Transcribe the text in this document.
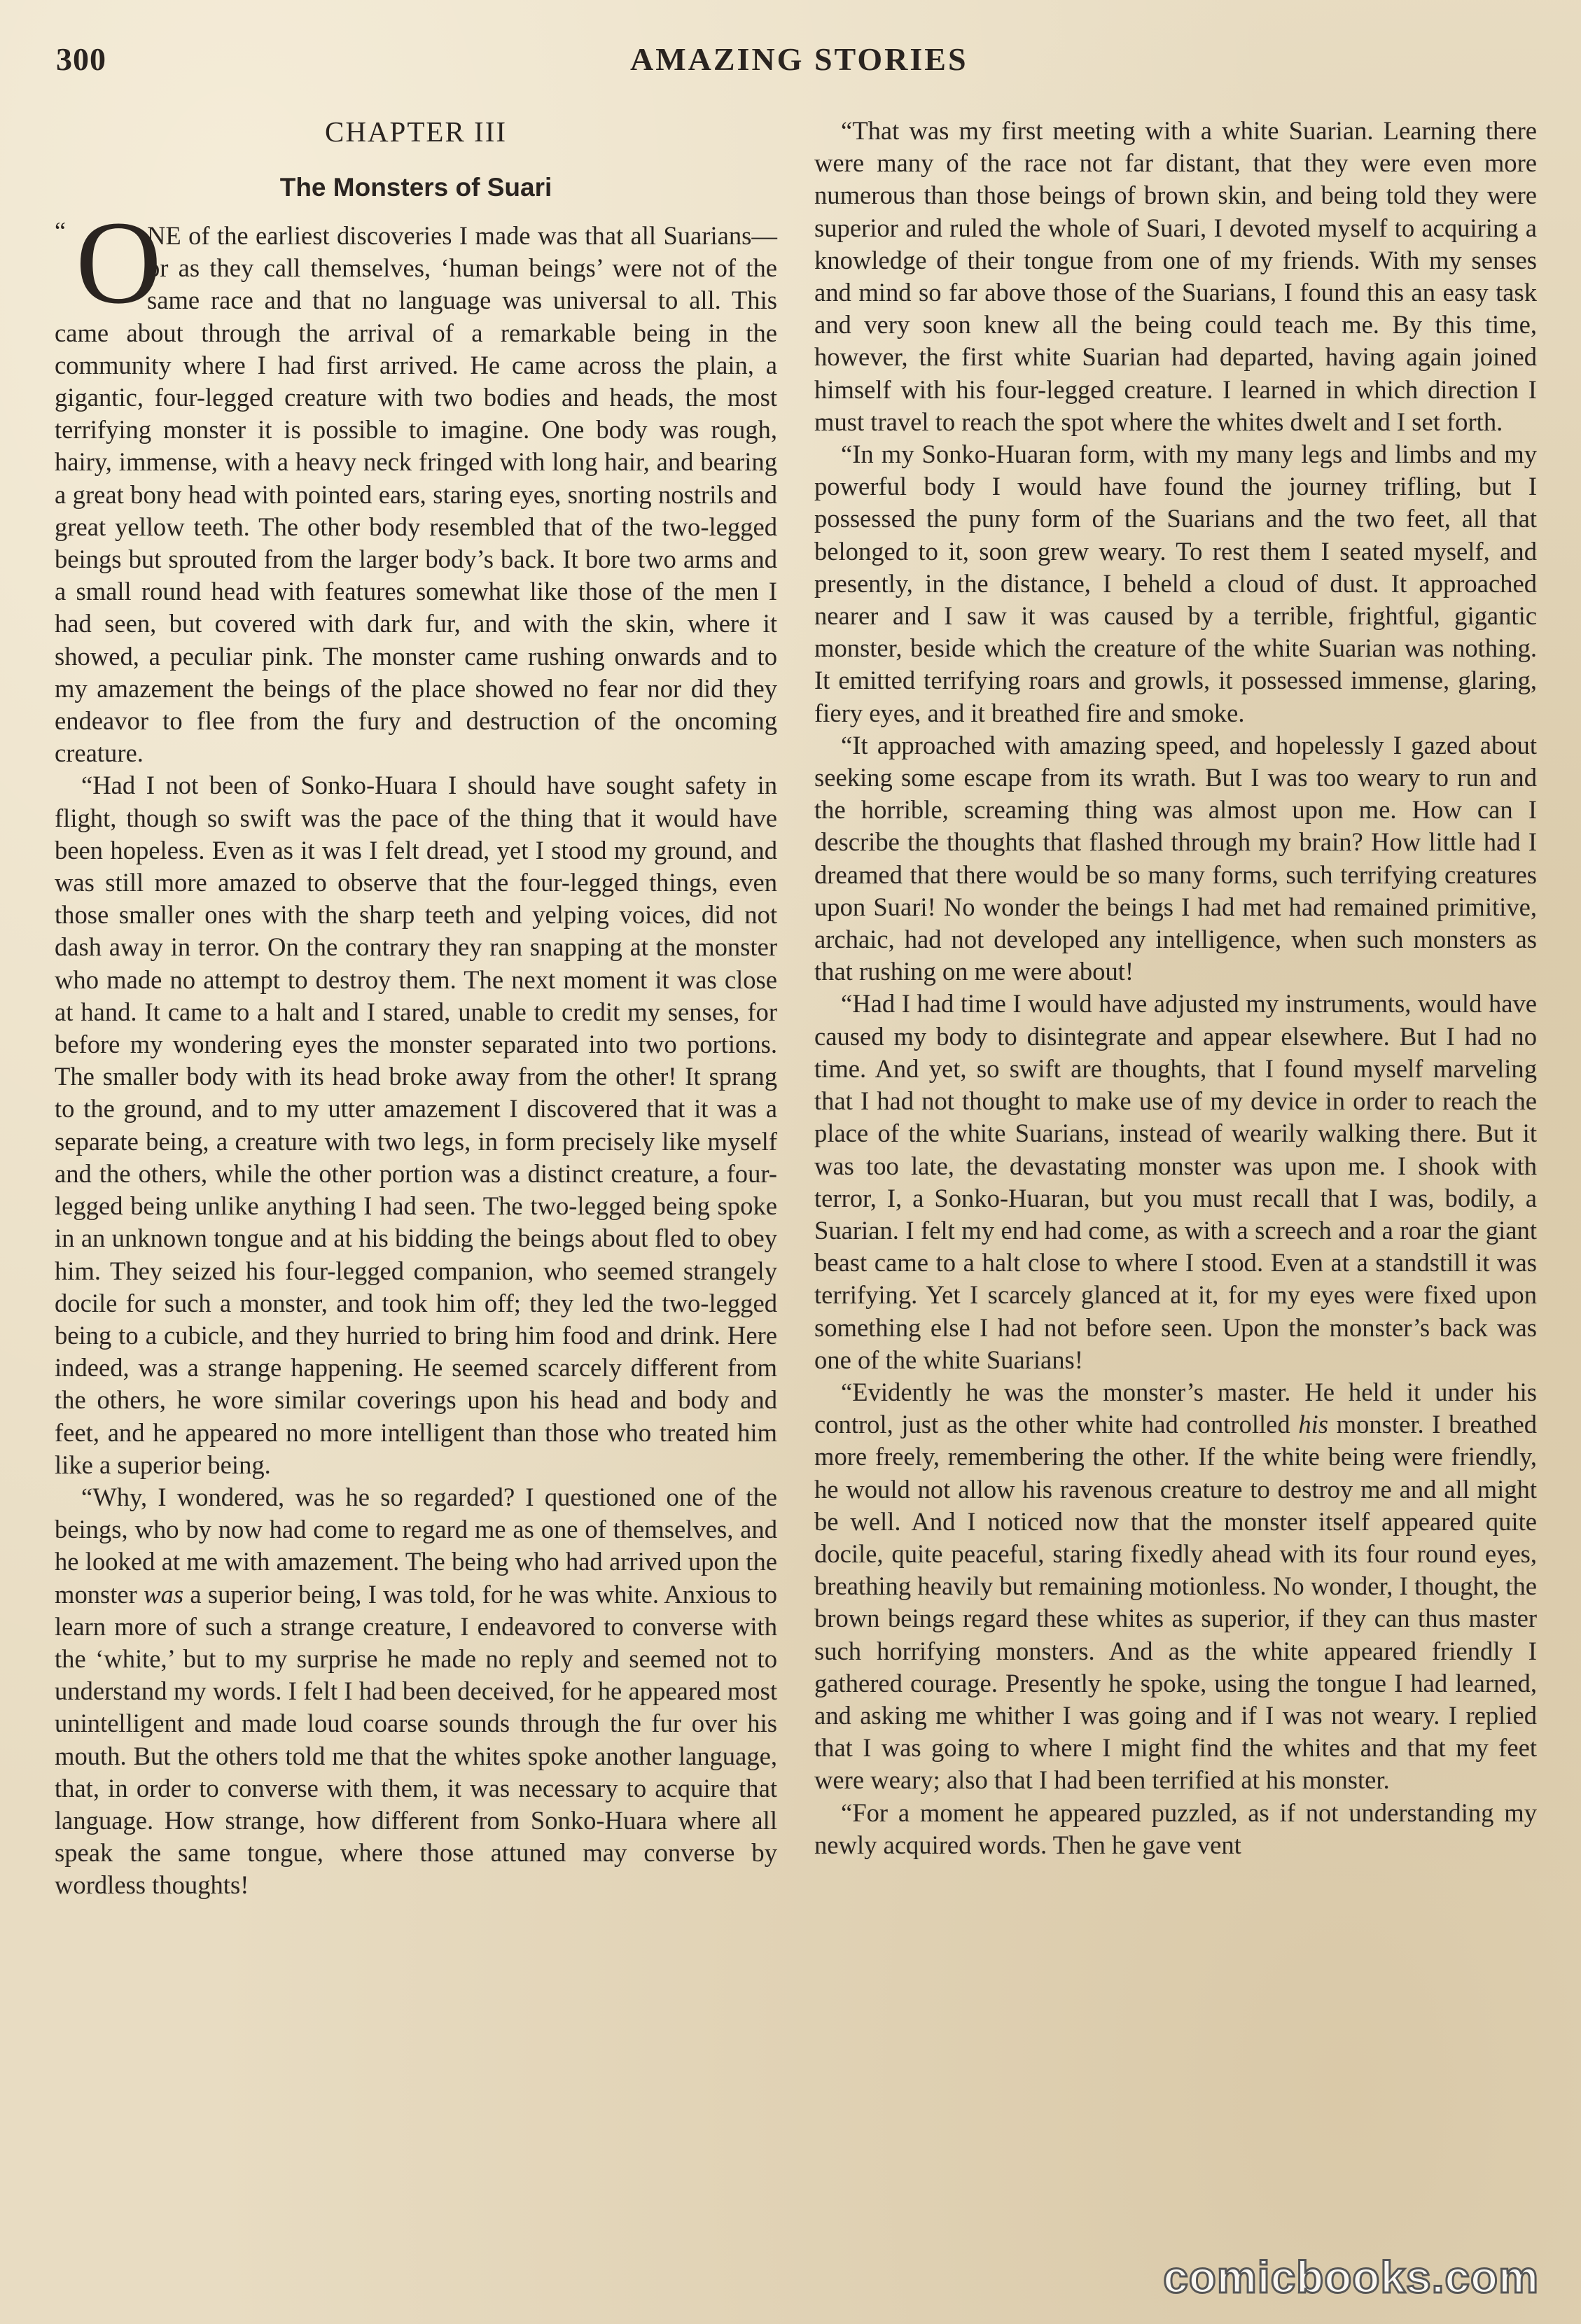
300	AMAZING STORIES
CHAPTER III
The Monsters of Suari

“ O
NE of the earliest discoveries I made was that all Suarians—or as they call themselves, ‘human beings’ were not of the same race and that no language was universal to all. This came about through the arrival of a remarkable being in the community where I had first arrived. He came across the plain, a gigantic, four-legged creature with two bodies and heads, the most terrifying monster it is possible to imagine. One body was rough, hairy, immense, with a heavy neck fringed with long hair, and bearing a great bony head with pointed ears, staring eyes, snorting nostrils and great yellow teeth. The other body resembled that of the two-legged beings but sprouted from the larger body’s back. It bore two arms and a small round head with features somewhat like those of the men I had seen, but covered with dark fur, and with the skin, where it showed, a peculiar pink. The monster came rushing onwards and to my amazement the beings of the place showed no fear nor did they endeavor to flee from the fury and destruction of the oncoming creature.

“Had I not been of Sonko-Huara I should have sought safety in flight, though so swift was the pace of the thing that it would have been hopeless. Even as it was I felt dread, yet I stood my ground, and was still more amazed to observe that the four-legged things, even those smaller ones with the sharp teeth and yelping voices, did not dash away in terror. On the contrary they ran snapping at the monster who made no attempt to destroy them. The next moment it was close at hand. It came to a halt and I stared, unable to credit my senses, for before my wondering eyes the monster separated into two portions. The smaller body with its head broke away from the other! It sprang to the ground, and to my utter amazement I discovered that it was a separate being, a creature with two legs, in form precisely like myself and the others, while the other portion was a distinct creature, a four-legged being unlike anything I had seen. The two-legged being spoke in an unknown tongue and at his bidding the beings about fled to obey him. They seized his four-legged companion, who seemed strangely docile for such a monster, and took him off; they led the two-legged being to a cubicle, and they hurried to bring him food and drink. Here indeed, was a strange happening. He seemed scarcely different from the others, he wore similar coverings upon his head and body and feet, and he appeared no more intelligent than those who treated him like a superior being.

“Why, I wondered, was he so regarded? I questioned one of the beings, who by now had come to regard me as one of themselves, and he looked at me with amazement. The being who had arrived upon the monster was a superior being, I was told, for he was white. Anxious to learn more of such a strange creature, I endeavored to converse with the ‘white,’ but to my surprise he made no reply and seemed not to understand my words. I felt I had been deceived, for he appeared most unintelligent and made loud coarse sounds through the fur over his mouth. But the others told me that the whites spoke another language, that, in order to converse with them, it was necessary to acquire that language. How strange, how different from Sonko-Huara where all speak the same tongue, where those attuned may converse by wordless thoughts!

“That was my first meeting with a white Suarian. Learning there were many of the race not far distant, that they were even more numerous than those beings of brown skin, and being told they were superior and ruled the whole of Suari, I devoted myself to acquiring a knowledge of their tongue from one of my friends. With my senses and mind so far above those of the Suarians, I found this an easy task and very soon knew all the being could teach me. By this time, however, the first white Suarian had departed, having again joined himself with his four-legged creature. I learned in which direction I must travel to reach the spot where the whites dwelt and I set forth.

“In my Sonko-Huaran form, with my many legs and limbs and my powerful body I would have found the journey trifling, but I possessed the puny form of the Suarians and the two feet, all that belonged to it, soon grew weary. To rest them I seated myself, and presently, in the distance, I beheld a cloud of dust. It approached nearer and I saw it was caused by a terrible, frightful, gigantic monster, beside which the creature of the white Suarian was nothing. It emitted terrifying roars and growls, it possessed immense, glaring, fiery eyes, and it breathed fire and smoke.

“It approached with amazing speed, and hopelessly I gazed about seeking some escape from its wrath. But I was too weary to run and the horrible, screaming thing was almost upon me. How can I describe the thoughts that flashed through my brain? How little had I dreamed that there would be so many forms, such terrifying creatures upon Suari! No wonder the beings I had met had remained primitive, archaic, had not developed any intelligence, when such monsters as that rushing on me were about!

“Had I had time I would have adjusted my instruments, would have caused my body to disintegrate and appear elsewhere. But I had no time. And yet, so swift are thoughts, that I found myself marveling that I had not thought to make use of my device in order to reach the place of the white Suarians, instead of wearily walking there. But it was too late, the devastating monster was upon me. I shook with terror, I, a Sonko-Huaran, but you must recall that I was, bodily, a Suarian. I felt my end had come, as with a screech and a roar the giant beast came to a halt close to where I stood. Even at a standstill it was terrifying. Yet I scarcely glanced at it, for my eyes were fixed upon something else I had not before seen. Upon the monster’s back was one of the white Suarians!

“Evidently he was the monster’s master. He held it under his control, just as the other white had controlled his monster. I breathed more freely, remembering the other. If the white being were friendly, he would not allow his ravenous creature to destroy me and all might be well. And I noticed now that the monster itself appeared quite docile, quite peaceful, staring fixedly ahead with its four round eyes, breathing heavily but remaining motionless. No wonder, I thought, the brown beings regard these whites as superior, if they can thus master such horrifying monsters. And as the white appeared friendly I gathered courage. Presently he spoke, using the tongue I had learned, and asking me whither I was going and if I was not weary. I replied that I was going to where I might find the whites and that my feet were weary; also that I had been terrified at his monster.

“For a moment he appeared puzzled, as if not understanding my newly acquired words. Then he gave vent

comicbooks.com
